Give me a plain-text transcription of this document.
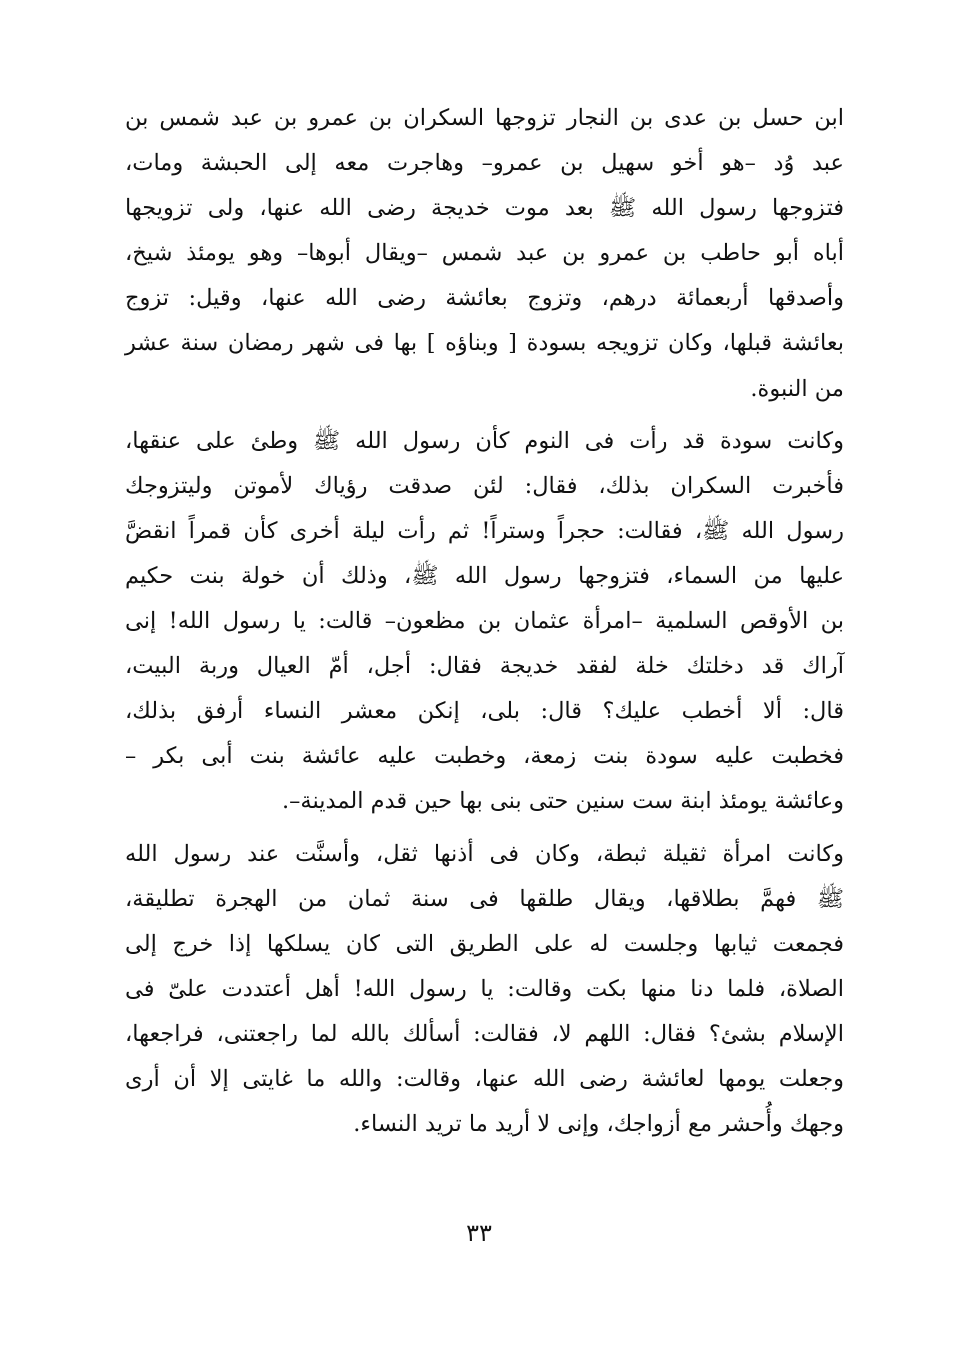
ابن حسل بن عدى بن النجار تزوجها السكران بن عمرو بن عبد شمس بن
عبد وُد –هو أخو سهيل بن عمرو– وهاجرت معه إلى الحبشة ومات،
فتزوجها رسول الله ﷺ بعد موت خديجة رضى الله عنها، ولى تزويجها
أباه أبو حاطب بن عمرو بن عبد شمس –ويقال أبوها– وهو يومئذ شيخ،
وأصدقها أربعمائة درهم، وتزوج بعائشة رضى الله عنها، وقيل: تزوج
بعائشة قبلها، وكان تزويجه بسودة [ وبناؤه ] بها فى شهر رمضان سنة عشر
من النبوة.

وكانت سودة قد رأت فى النوم كأن رسول الله ﷺ وطئ على عنقها،
فأخبرت السكران بذلك، فقال: لئن صدقت رؤياك لأموتن وليتزوجك
رسول الله ﷺ، فقالت: حجراً وستراً! ثم رأت ليلة أخرى كأن قمراً انقضَّ
عليها من السماء، فتزوجها رسول الله ﷺ، وذلك أن خولة بنت حكيم
بن الأوقص السلمية –امرأة عثمان بن مظعون– قالت: يا رسول الله! إنى
آراك قد دخلتك خلة لفقد خديجة فقال: أجل، أمّ العيال وربة البيت،
قال: ألا أخطب عليك؟ قال: بلى، إنكن معشر النساء أرفق بذلك،
فخطبت عليه سودة بنت زمعة، وخطبت عليه عائشة بنت أبى بكر –
وعائشة يومئذ ابنة ست سنين حتى بنى بها حين قدم المدينة–.

وكانت امرأة ثقيلة ثبطة، وكان فى أذنها ثقل، وأسنَّت عند رسول الله
ﷺ فهمَّ بطلاقها، ويقال طلقها فى سنة ثمان من الهجرة تطليقة،
فجمعت ثيابها وجلست له على الطريق التى كان يسلكها إذا خرج إلى
الصلاة، فلما دنا منها بكت وقالت: يا رسول الله! أهل أعتددت علىّ فى
الإسلام بشئ؟ فقال: اللهم لا، فقالت: أسألك بالله لما راجعتنى، فراجعها،
وجعلت يومها لعائشة رضى الله عنها، وقالت: والله ما غايتى إلا أن أرى
وجهك وأُحشر مع أزواجك، وإنى لا أريد ما تريد النساء.

٣٣
